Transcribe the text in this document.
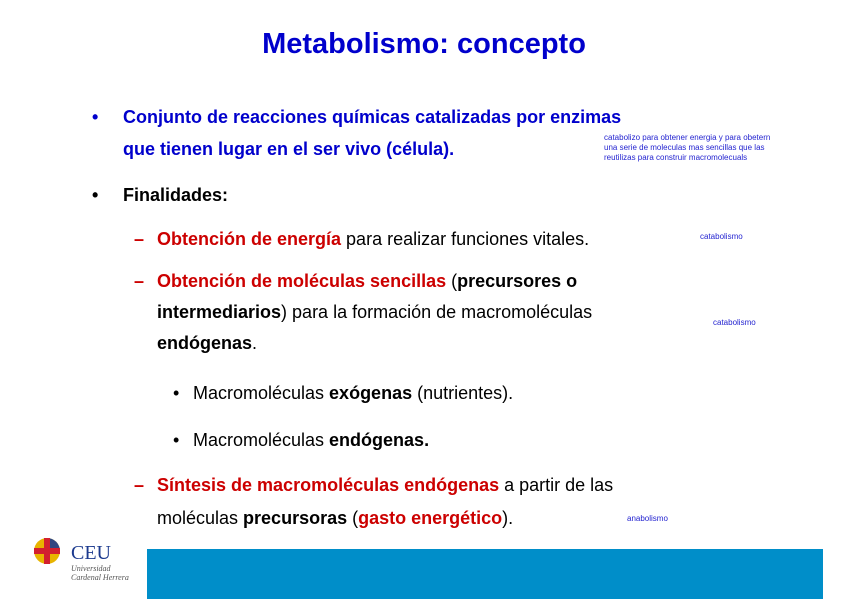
Metabolismo: concepto
• Conjunto de reacciones químicas catalizadas por enzimas
que tienen lugar en el ser vivo (célula).
• Finalidades:
– Obtención de energía para realizar funciones vitales.
– Obtención de moléculas sencillas (precursores o
intermediarios) para la formación de macromoléculas
endógenas.
• Macromoléculas exógenas (nutrientes).
• Macromoléculas endógenas.
– Síntesis de macromoléculas endógenas a partir de las
moléculas precursoras (gasto energético).
catabolizo para obtener energia y para obetern
una serie de moleculas mas sencillas que las
reutilizas para construir macromolecuals
catabolismo
catabolismo
anabolismo
CEU
Universidad
Cardenal Herrera
